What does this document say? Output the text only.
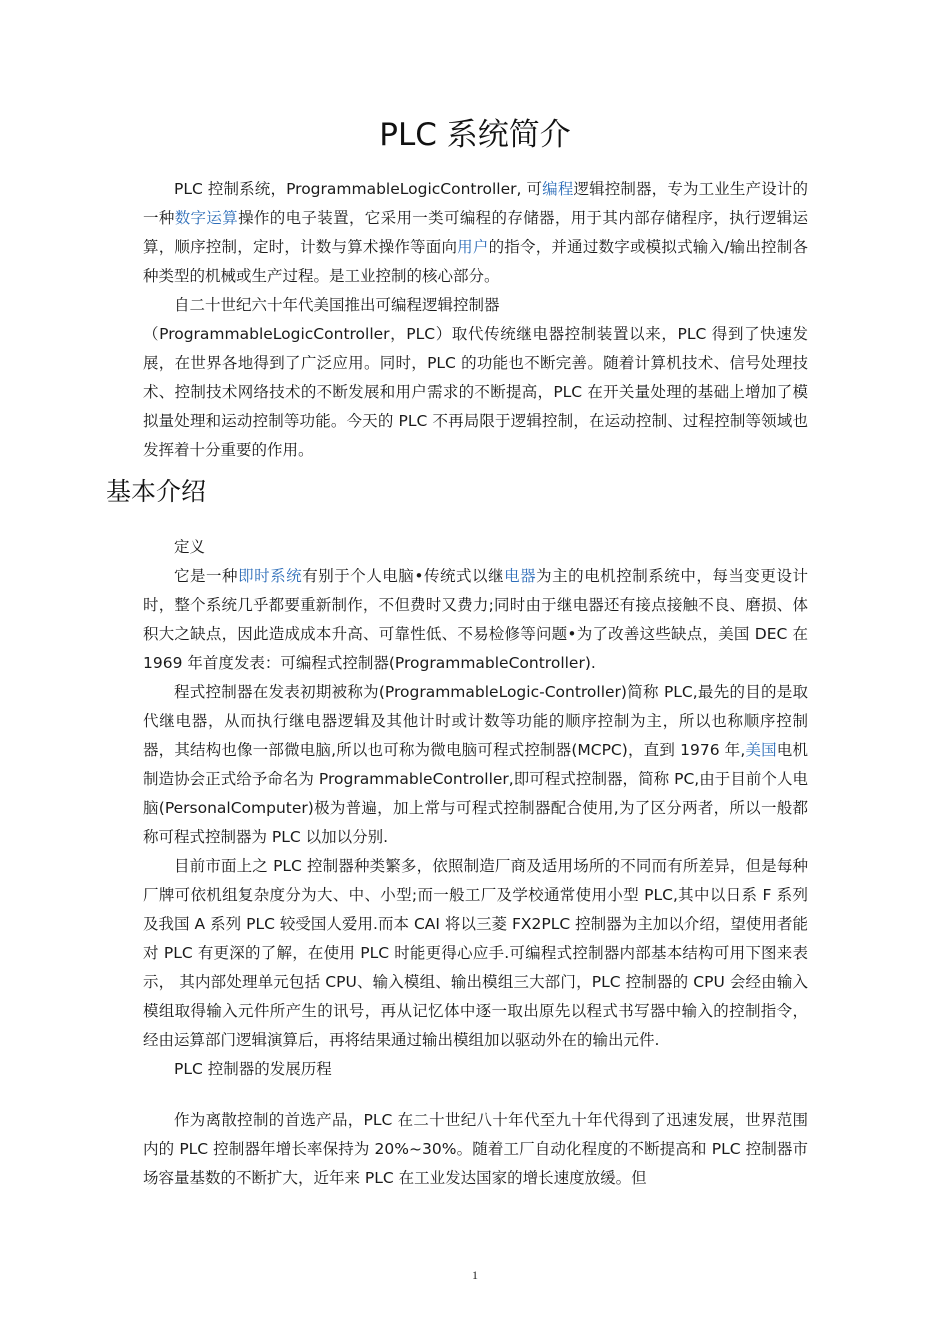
PLC 系统简介

PLC 控制系统，ProgrammableLogicController, 可编程逻辑控制器，专为工业生产设计的一种数字运算操作的电子装置，它采用一类可编程的存储器，用于其内部存储程序，执行逻辑运算，顺序控制，定时，计数与算术操作等面向用户的指令，并通过数字或模拟式输入/输出控制各种类型的机械或生产过程。是工业控制的核心部分。

自二十世纪六十年代美国推出可编程逻辑控制器

（ProgrammableLogicController，PLC）取代传统继电器控制装置以来，PLC 得到了快速发展，在世界各地得到了广泛应用。同时，PLC 的功能也不断完善。随着计算机技术、信号处理技术、控制技术网络技术的不断发展和用户需求的不断提高，PLC 在开关量处理的基础上增加了模拟量处理和运动控制等功能。今天的 PLC 不再局限于逻辑控制，在运动控制、过程控制等领域也发挥着十分重要的作用。

基本介绍

定义

它是一种即时系统有别于个人电脑•传统式以继电器为主的电机控制系统中，每当变更设计时，整个系统几乎都要重新制作，不但费时又费力;同时由于继电器还有接点接触不良、磨损、体积大之缺点，因此造成成本升高、可靠性低、不易检修等问题•为了改善这些缺点，美国 DEC 在 1969 年首度发表：可编程式控制器(ProgrammableController).

程式控制器在发表初期被称为(ProgrammableLogic-Controller)简称 PLC,最先的目的是取代继电器，从而执行继电器逻辑及其他计时或计数等功能的顺序控制为主，所以也称顺序控制器，其结构也像一部微电脑,所以也可称为微电脑可程式控制器(MCPC)，直到 1976 年,美国电机制造协会正式给予命名为 ProgrammableController,即可程式控制器，简称 PC,由于目前个人电脑(PersonalComputer)极为普遍，加上常与可程式控制器配合使用,为了区分两者，所以一般都称可程式控制器为 PLC 以加以分别.

目前市面上之 PLC 控制器种类繁多，依照制造厂商及适用场所的不同而有所差异，但是每种厂牌可依机组复杂度分为大、中、小型;而一般工厂及学校通常使用小型 PLC,其中以日系 F 系列及我国 A 系列 PLC 较受国人爱用.而本 CAI 将以三菱 FX2PLC 控制器为主加以介绍，望使用者能对 PLC 有更深的了解，在使用 PLC 时能更得心应手.可编程式控制器内部基本结构可用下图来表示， 其内部处理单元包括 CPU、输入模组、输出模组三大部门，PLC 控制器的 CPU 会经由输入模组取得输入元件所产生的讯号，再从记忆体中逐一取出原先以程式书写器中输入的控制指令，经由运算部门逻辑演算后，再将结果通过输出模组加以驱动外在的输出元件.

PLC 控制器的发展历程

作为离散控制的首选产品，PLC 在二十世纪八十年代至九十年代得到了迅速发展，世界范围内的 PLC 控制器年增长率保持为 20%~30%。随着工厂自动化程度的不断提高和 PLC 控制器市场容量基数的不断扩大，近年来 PLC 在工业发达国家的增长速度放缓。但

1
